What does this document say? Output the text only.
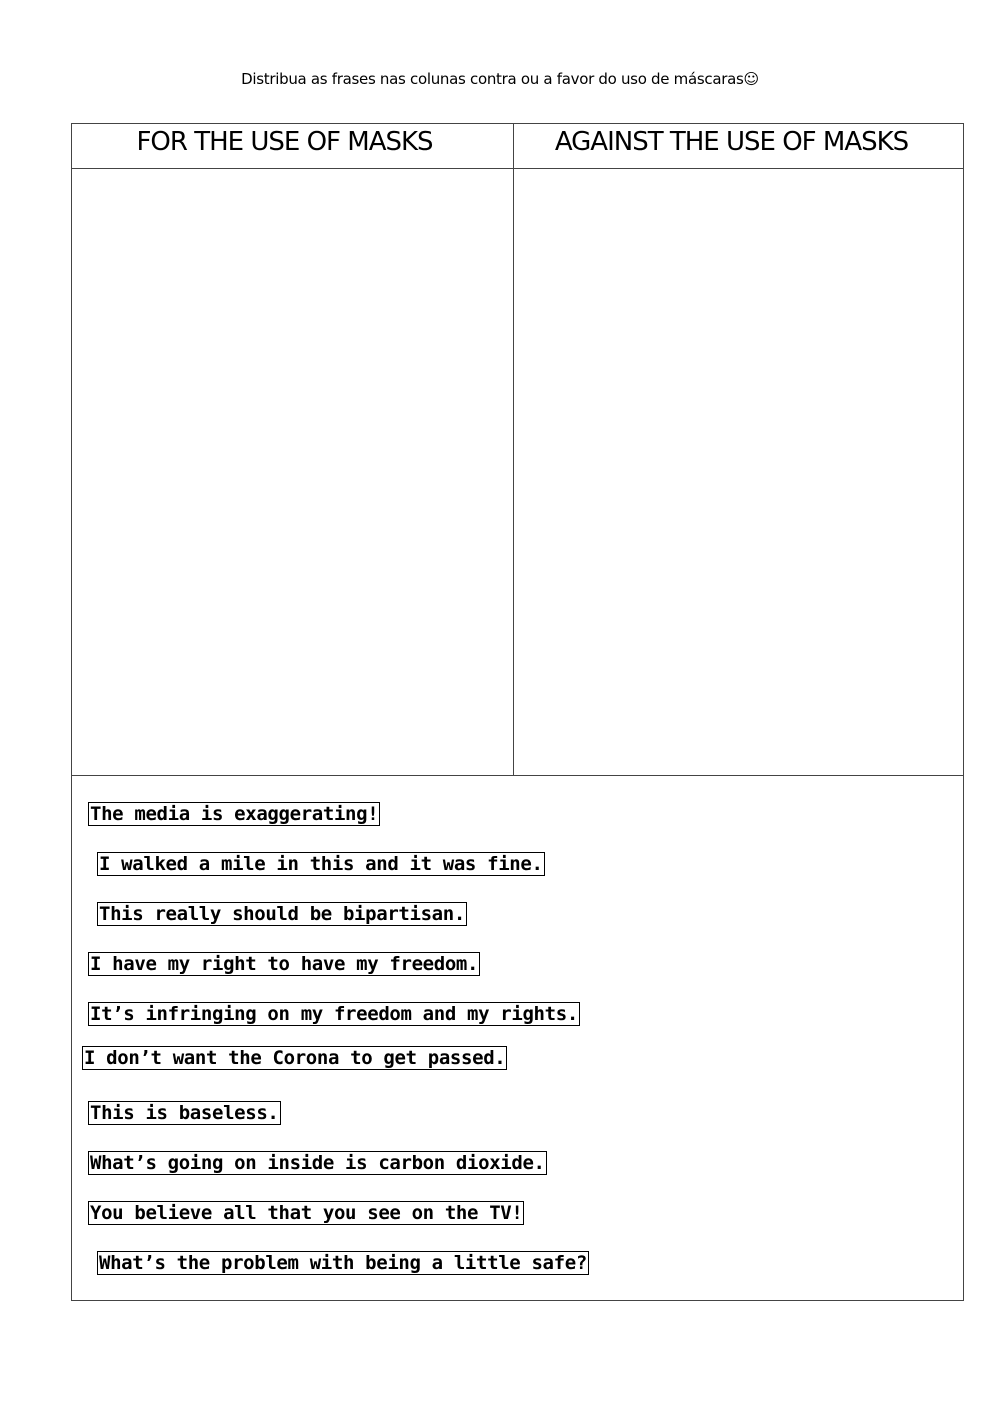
Distribua as frases nas colunas contra ou a favor do uso de máscaras☺
FOR THE USE OF MASKS	AGAINST THE USE OF MASKS
The media is exaggerating!
I walked a mile in this and it was fine.
This really should be bipartisan.
I have my right to have my freedom.
It’s infringing on my freedom and my rights.
I don’t want the Corona to get passed.
This is baseless.
What’s going on inside is carbon dioxide.
You believe all that you see on the TV!
What’s the problem with being a little safe?
